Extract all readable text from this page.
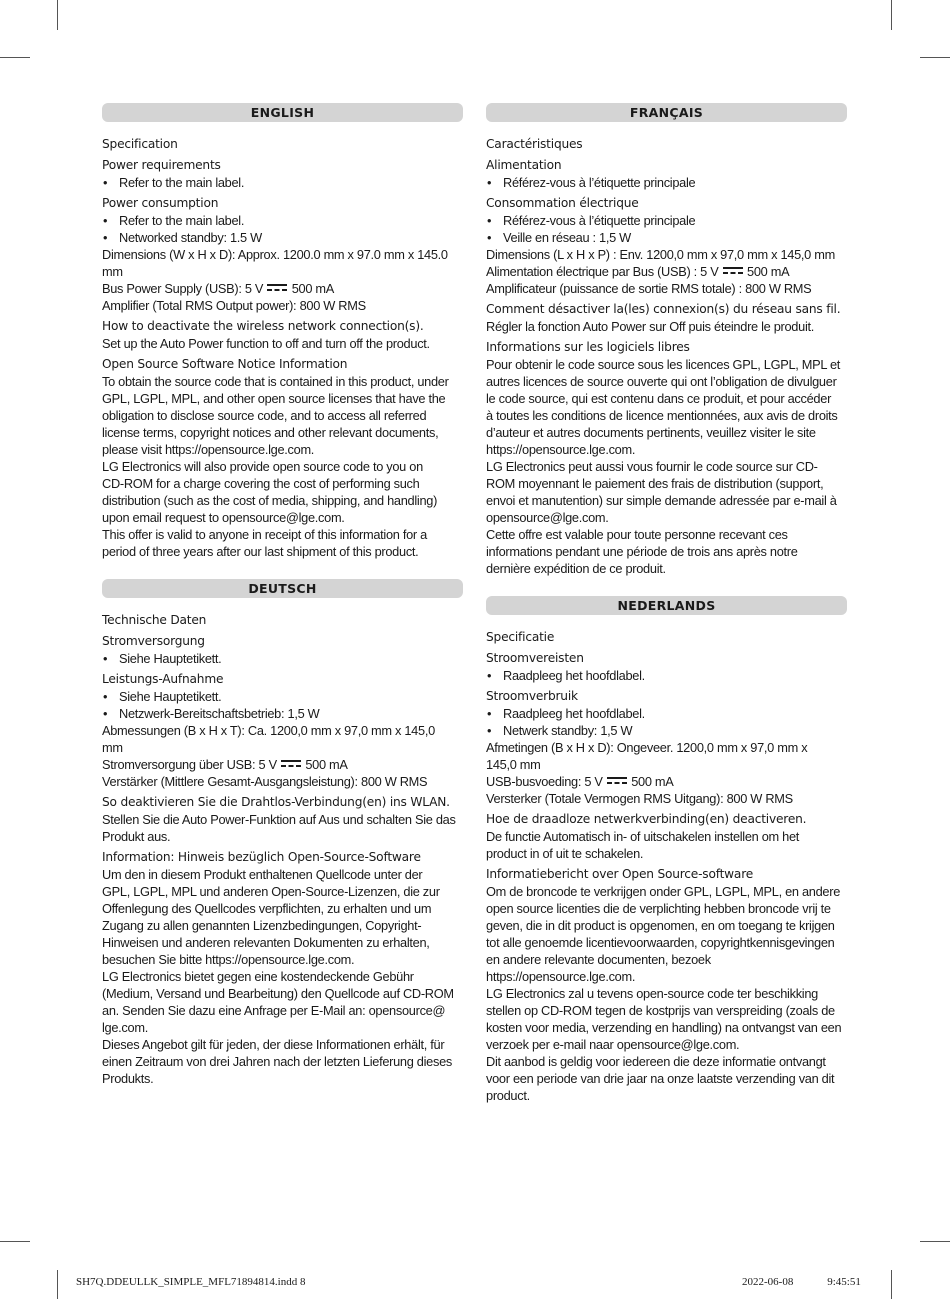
ENGLISH
Specification
Power requirements
• Refer to the main label.
Power consumption
• Refer to the main label.
• Networked standby: 1.5 W
Dimensions (W x H x D): Approx. 1200.0 mm x 97.0 mm x 145.0
mm
Bus Power Supply (USB): 5 V 500 mA
Amplifier (Total RMS Output power): 800 W RMS
How to deactivate the wireless network connection(s).
Set up the Auto Power function to off and turn off the product.
Open Source Software Notice Information
To obtain the source code that is contained in this product, under
GPL, LGPL, MPL, and other open source licenses that have the
obligation to disclose source code, and to access all referred
license terms, copyright notices and other relevant documents,
please visit https://opensource.lge.com.
LG Electronics will also provide open source code to you on
CD-ROM for a charge covering the cost of performing such
distribution (such as the cost of media, shipping, and handling)
upon email request to opensource@lge.com.
This offer is valid to anyone in receipt of this information for a
period of three years after our last shipment of this product.
DEUTSCH
Technische Daten
Stromversorgung
• Siehe Hauptetikett.
Leistungs-Aufnahme
• Siehe Hauptetikett.
• Netzwerk-Bereitschaftsbetrieb: 1,5 W
Abmessungen (B x H x T): Ca. 1200,0 mm x 97,0 mm x 145,0
mm
Stromversorgung über USB: 5 V 500 mA
Verstärker (Mittlere Gesamt-Ausgangsleistung): 800 W RMS
So deaktivieren Sie die Drahtlos-Verbindung(en) ins WLAN.
Stellen Sie die Auto Power-Funktion auf Aus und schalten Sie das
Produkt aus.
Information: Hinweis bezüglich Open-Source-Software
Um den in diesem Produkt enthaltenen Quellcode unter der
GPL, LGPL, MPL und anderen Open-Source-Lizenzen, die zur
Offenlegung des Quellcodes verpflichten, zu erhalten und um
Zugang zu allen genannten Lizenzbedingungen, Copyright-
Hinweisen und anderen relevanten Dokumenten zu erhalten,
besuchen Sie bitte https://opensource.lge.com.
LG Electronics bietet gegen eine kostendeckende Gebühr
(Medium, Versand und Bearbeitung) den Quellcode auf CD-ROM
an. Senden Sie dazu eine Anfrage per E-Mail an: opensource@
lge.com.
Dieses Angebot gilt für jeden, der diese Informationen erhält, für
einen Zeitraum von drei Jahren nach der letzten Lieferung dieses
Produkts.
FRANÇAIS
Caractéristiques
Alimentation
• Référez-vous à l’étiquette principale
Consommation électrique
• Référez-vous à l’étiquette principale
• Veille en réseau : 1,5 W
Dimensions (L x H x P) : Env. 1200,0 mm x 97,0 mm x 145,0 mm
Alimentation électrique par Bus (USB) : 5 V 500 mA
Amplificateur (puissance de sortie RMS totale) : 800 W RMS
Comment désactiver la(les) connexion(s) du réseau sans fil.
Régler la fonction Auto Power sur Off puis éteindre le produit.
Informations sur les logiciels libres
Pour obtenir le code source sous les licences GPL, LGPL, MPL et
autres licences de source ouverte qui ont l’obligation de divulguer
le code source, qui est contenu dans ce produit, et pour accéder
à toutes les conditions de licence mentionnées, aux avis de droits
d’auteur et autres documents pertinents, veuillez visiter le site
https://opensource.lge.com.
LG Electronics peut aussi vous fournir le code source sur CD-
ROM moyennant le paiement des frais de distribution (support,
envoi et manutention) sur simple demande adressée par e-mail à
opensource@lge.com.
Cette offre est valable pour toute personne recevant ces
informations pendant une période de trois ans après notre
dernière expédition de ce produit.
NEDERLANDS
Specificatie
Stroomvereisten
• Raadpleeg het hoofdlabel.
Stroomverbruik
• Raadpleeg het hoofdlabel.
• Netwerk standby: 1,5 W
Afmetingen (B x H x D): Ongeveer. 1200,0 mm x 97,0 mm x
145,0 mm
USB-busvoeding: 5 V 500 mA
Versterker (Totale Vermogen RMS Uitgang): 800 W RMS
Hoe de draadloze netwerkverbinding(en) deactiveren.
De functie Automatisch in- of uitschakelen instellen om het
product in of uit te schakelen.
Informatiebericht over Open Source-software
Om de broncode te verkrijgen onder GPL, LGPL, MPL, en andere
open source licenties die de verplichting hebben broncode vrij te
geven, die in dit product is opgenomen, en om toegang te krijgen
tot alle genoemde licentievoorwaarden, copyrightkennisgevingen
en andere relevante documenten, bezoek
https://opensource.lge.com.
LG Electronics zal u tevens open-source code ter beschikking
stellen op CD-ROM tegen de kostprijs van verspreiding (zoals de
kosten voor media, verzending en handling) na ontvangst van een
verzoek per e-mail naar opensource@lge.com.
Dit aanbod is geldig voor iedereen die deze informatie ontvangt
voor een periode van drie jaar na onze laatste verzending van dit
product.
SH7Q.DDEULLK_SIMPLE_MFL71894814.indd 8	2022-06-08      9:45:51
